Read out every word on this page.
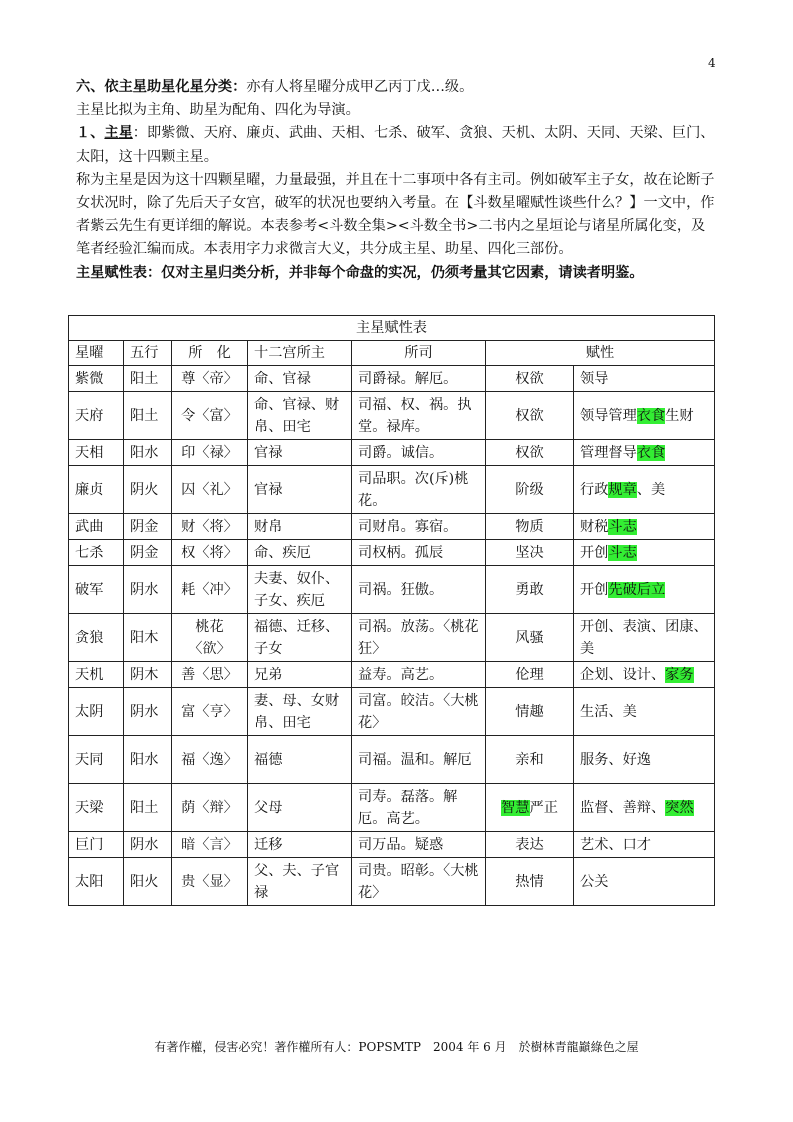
4

六、依主星助星化星分类：亦有人将星曜分成甲乙丙丁戊…级。

主星比拟为主角、助星为配角、四化为导演。

１、主星：即紫微、天府、廉贞、武曲、天相、七杀、破军、贪狼、天机、太阴、天同、天梁、巨门、太阳，这十四颗主星。

称为主星是因为这十四颗星曜，力量最强，并且在十二事项中各有主司。例如破军主子女，故在论断子女状况时，除了先后天子女宫，破军的状况也要纳入考量。在【斗数星曜赋性谈些什么？】一文中，作者紫云先生有更详细的解说。本表参考<斗数全集><斗数全书>二书内之星垣论与诸星所属化变，及笔者经验汇编而成。本表用字力求微言大义，共分成主星、助星、四化三部份。

主星赋性表：仅对主星归类分析，并非每个命盘的实况，仍须考量其它因素，请读者明鉴。

主星赋性表						
星曜	五行	所　化	十二宫所主	所司	赋性	
紫微	阳土	尊〈帝〉	命、官禄	司爵禄。解厄。	权欲	领导
天府	阳土	令〈富〉	命、官禄、财帛、田宅	司福、权、祸。执堂。禄库。	权欲	领导管理衣食生财
天相	阳水	印〈禄〉	官禄	司爵。诚信。	权欲	管理督导衣食
廉贞	阴火	囚〈礼〉	官禄	司品职。次(斥)桃花。	阶级	行政规章、美
武曲	阴金	财〈将〉	财帛	司财帛。寡宿。	物质	财税斗志
七杀	阴金	权〈将〉	命、疾厄	司权柄。孤辰	坚决	开创斗志
破军	阴水	耗〈冲〉	夫妻、奴仆、子女、疾厄	司祸。狂傲。	勇敢	开创先破后立
贪狼	阳木	桃花〈欲〉	福德、迁移、子女	司祸。放荡。〈桃花狂〉	风骚	开创、表演、团康、美
天机	阴木	善〈思〉	兄弟	益寿。高艺。	伦理	企划、设计、家务
太阴	阴水	富〈亨〉	妻、母、女财帛、田宅	司富。皎洁。〈大桃花〉	情趣	生活、美
天同	阳水	福〈逸〉	福德	司福。温和。解厄	亲和	服务、好逸
天梁	阳土	荫〈辩〉	父母	司寿。磊落。解厄。高艺。	智慧严正	监督、善辩、突然
巨门	阴水	暗〈言〉	迁移	司万品。疑惑	表达	艺术、口才
太阳	阳火	贵〈显〉	父、夫、子官禄	司贵。昭彰。〈大桃花〉	热情	公关
有著作權，侵害必究！著作權所有人：POPSMTP　2004 年 6 月　於樹林青龍巓綠色之屋
